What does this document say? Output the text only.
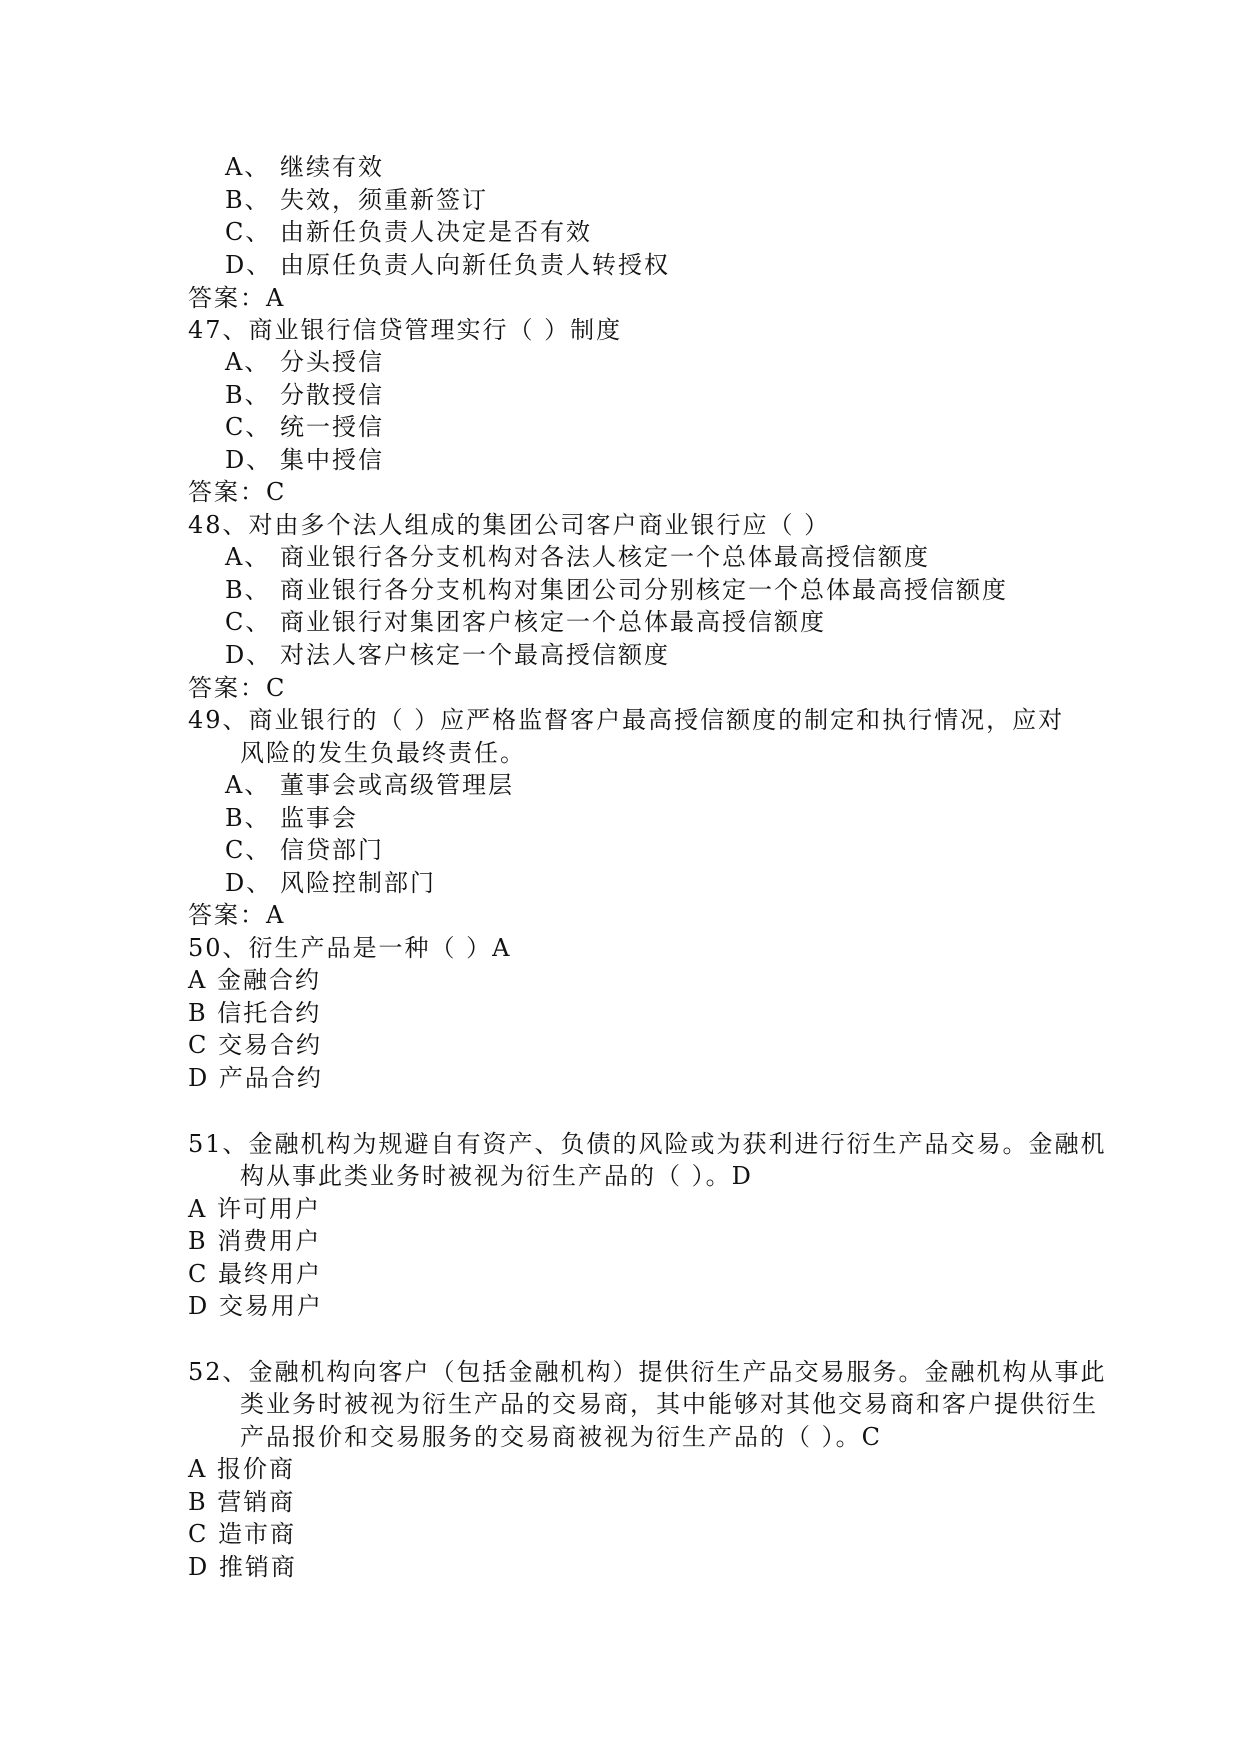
A、 继续有效
B、 失效，须重新签订
C、 由新任负责人决定是否有效
D、 由原任负责人向新任负责人转授权
答案：A
47、商业银行信贷管理实行（ ）制度
A、 分头授信
B、 分散授信
C、 统一授信
D、 集中授信
答案：C
48、对由多个法人组成的集团公司客户商业银行应（ ）
A、 商业银行各分支机构对各法人核定一个总体最高授信额度
B、 商业银行各分支机构对集团公司分别核定一个总体最高授信额度
C、 商业银行对集团客户核定一个总体最高授信额度
D、 对法人客户核定一个最高授信额度
答案：C
49、商业银行的（ ）应严格监督客户最高授信额度的制定和执行情况，应对
风险的发生负最终责任。
A、 董事会或高级管理层
B、 监事会
C、 信贷部门
D、 风险控制部门
答案：A
50、衍生产品是一种（ ）A
A 金融合约
B 信托合约
C 交易合约
D 产品合约
51、金融机构为规避自有资产、负债的风险或为获利进行衍生产品交易。金融机
构从事此类业务时被视为衍生产品的（ ）。D
A 许可用户
B 消费用户
C 最终用户
D 交易用户
52、金融机构向客户（包括金融机构）提供衍生产品交易服务。金融机构从事此
类业务时被视为衍生产品的交易商，其中能够对其他交易商和客户提供衍生
产品报价和交易服务的交易商被视为衍生产品的（ ）。C
A 报价商
B 营销商
C 造市商
D 推销商
